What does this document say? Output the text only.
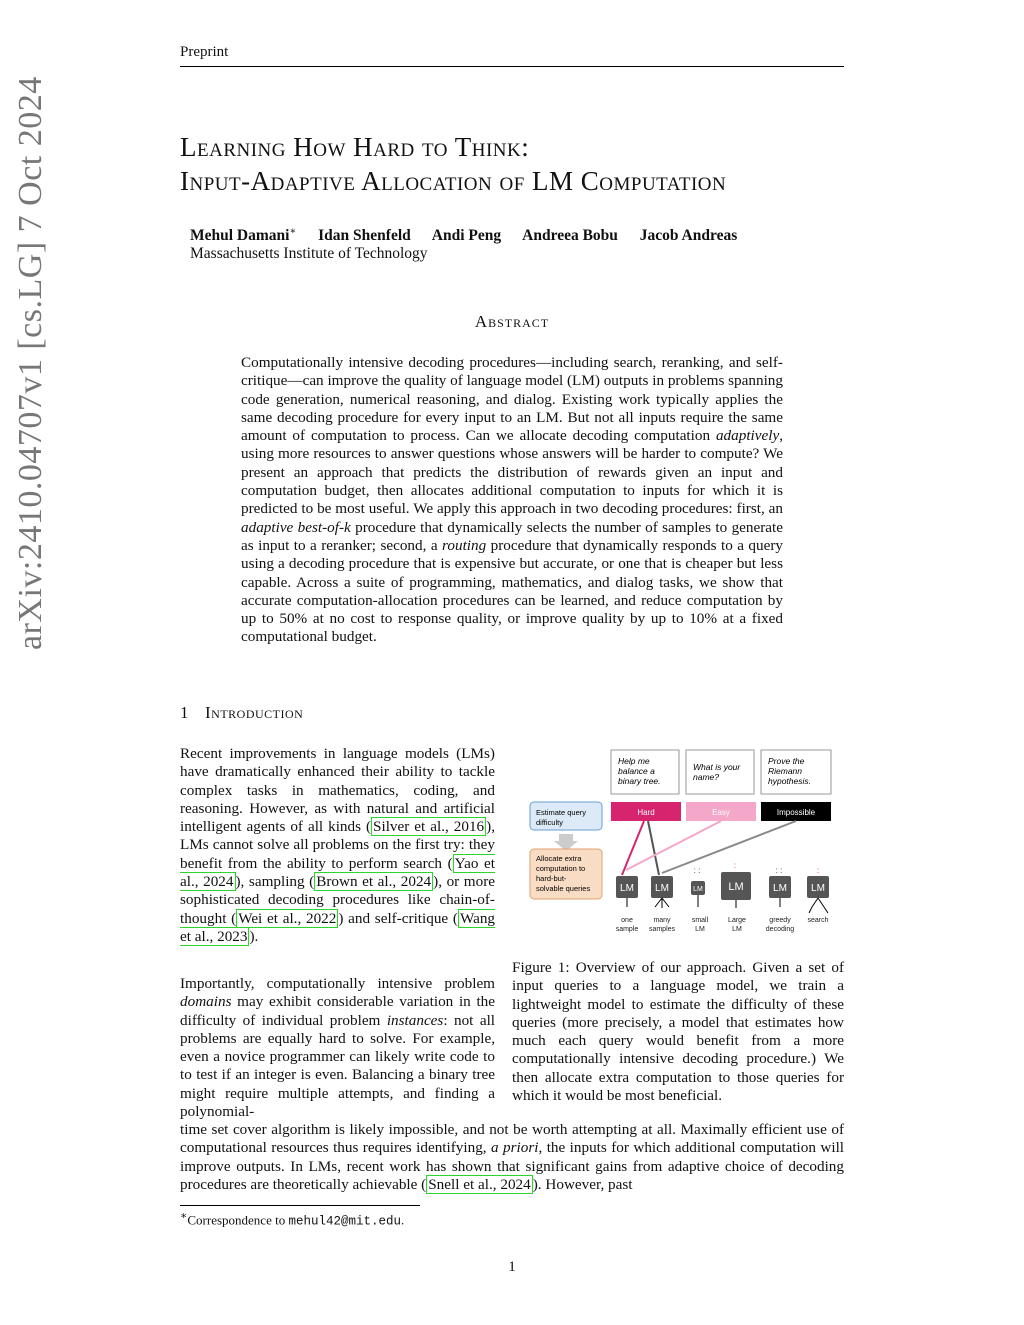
Preprint
Learning How Hard to Think:
Input-Adaptive Allocation of LM Computation
Mehul Damani∗ Idan Shenfeld Andi Peng Andreea Bobu Jacob Andreas
Massachusetts Institute of Technology
arXiv:2410.04707v1 [cs.LG] 7 Oct 2024	Abstract
Computationally intensive decoding procedures—including search, reranking, and self-critique—can improve the quality of language model (LM) outputs in problems spanning code generation, numerical reasoning, and dialog. Existing work typically applies the same decoding procedure for every input to an LM. But not all inputs require the same amount of computation to process. Can we allocate decoding computation adaptively, using more resources to answer questions whose answers will be harder to compute? We present an approach that predicts the distribution of rewards given an input and computation budget, then allocates additional computation to inputs for which it is predicted to be most useful. We apply this approach in two decoding procedures: first, an adaptive best-of-k procedure that dynamically selects the number of samples to generate as input to a reranker; second, a routing procedure that dynamically responds to a query using a decoding procedure that is expensive but accurate, or one that is cheaper but less capable. Across a suite of programming, mathematics, and dialog tasks, we show that accurate computation-allocation procedures can be learned, and reduce computation by up to 50% at no cost to response quality, or improve quality by up to 10% at a fixed computational budget.
1 Introduction
Recent improvements in language models (LMs) have dramatically enhanced their ability to tackle complex tasks in mathematics, coding, and reasoning. However, as with natural and artificial intelligent agents of all kinds ( Silver et al., 2016 ), LMs cannot solve all problems on the first try: they benefit from the ability to perform search ( Yao et al., 2024 ), sampling ( Brown et al., 2024 ), or more sophisticated decoding procedures like chain-of-thought ( Wei et al., 2022 ) and self-critique ( Wang et al., 2023 ).
Importantly, computationally intensive problem domains may exhibit considerable variation in the difficulty of individual problem instances: not all problems are equally hard to solve. For example, even a novice programmer can likely write code to to test if an integer is even. Balancing a binary tree might require multiple attempts, and finding a polynomial-
time set cover algorithm is likely impossible, and not be worth attempting at all. Maximally efficient use of computational resources thus requires identifying, a priori, the inputs for which additional computation will improve outputs. In LMs, recent work has shown that significant gains from adaptive choice of decoding procedures are theoretically achievable ( Snell et al., 2024 ). However, past
Help me
balance a
binary tree.
What is your
name?
Prove the
Riemann
hypothesis.
Hard	Easy	Impossible
Estimate query
difficulty
Allocate extra
computation to
hard-but-
solvable queries	LM LM
: :
LM
:
LM
: :
LM
:
LM
one
sample
many
samples
small
LM
Large
LM
greedy
decoding
search
Figure 1: Overview of our approach. Given a set of input queries to a language model, we train a lightweight model to estimate the difficulty of these queries (more precisely, a model that estimates how much each query would benefit from a more computationally intensive decoding procedure.) We then allocate extra computation to those queries for which it would be most beneficial.
∗Correspondence to mehul42@mit.edu.
1
